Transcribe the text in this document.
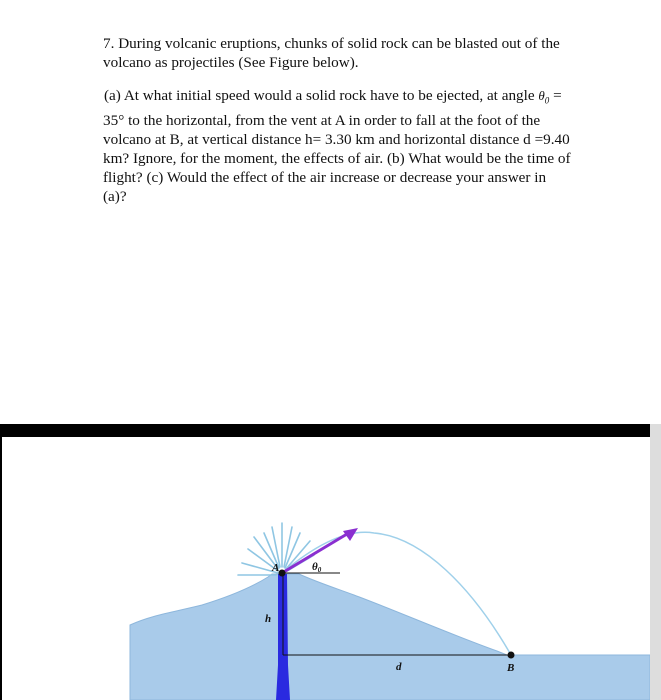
7. During volcanic eruptions, chunks of solid rock can be blasted out of the volcano as projectiles (See Figure below).

(a) At what initial speed would a solid rock have to be ejected, at angle $\theta_0 = 35^\circ$ to the horizontal, from the vent at A in order to fall at the foot of the volcano at B, at vertical distance h= 3.30 km and horizontal distance d =9.40 km? Ignore, for the moment, the effects of air. (b) What would be the time of flight? (c) Would the effect of the air increase or decrease your answer in (a)?

A	θ0
h
d	B
